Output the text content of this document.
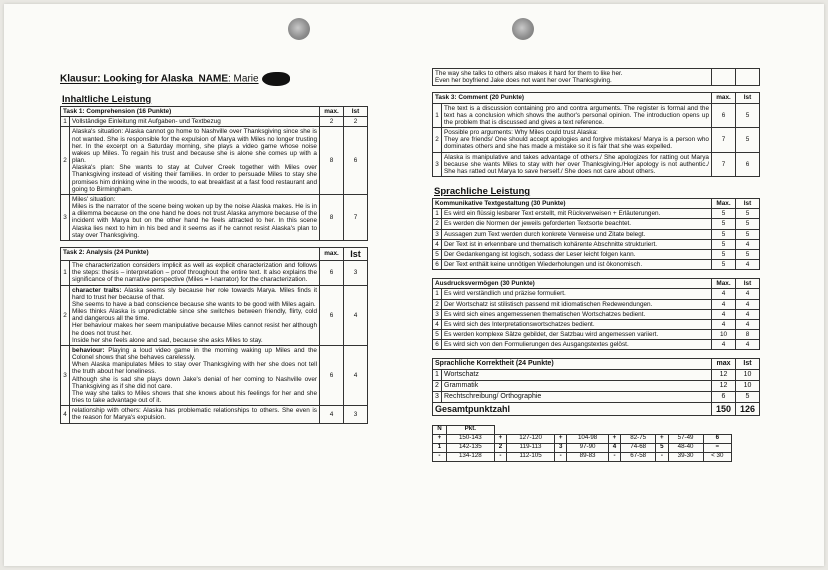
Klausur: Looking for Alaska NAME: Marie
Inhaltliche Leistung
Task 1: Comprehension (16 Punkte)		max.	Ist
1	Vollständige Einleitung mit Aufgaben- und Textbezug	2	2
2	Alaska's situation: Alaska cannot go home to Nashville over Thanksgiving since she is not wanted. She is responsible for the expulsion of Marya with Miles no longer trusting her. In the excerpt on a Saturday morning, she plays a video game whose noise wakes up Miles. To regain his trust and because she is alone she comes up with a plan.
Alaska's plan: She wants to stay at Culver Creek together with Miles over Thanksgiving instead of visiting their families. In order to persuade Miles to stay she promises him drinking wine in the woods, to eat breakfast at a fast food restaurant and going to Birmingham.	8	6
3	Miles' situation:
Miles is the narrator of the scene being woken up by the noise Alaska makes. He is in a dilemma because on the one hand he does not trust Alaska anymore because of the incident with Marya but on the other hand he feels attracted to her. In this scene Alaska lies next to him in his bed and it seems as if he cannot resist Alaska's plan to stay over Thanksgiving.	8	7
Task 2: Analysis (24 Punkte)		max.	Ist
1	The characterization considers implicit as well as explicit characterization and follows the steps: thesis – interpretation – proof throughout the entire text. It also explains the significance of the narrative perspective (Miles = I-narrator) for the characterization.	6	3
2	character traits: Alaska seems sly because her role towards Marya. Miles finds it hard to trust her because of that.
She seems to have a bad conscience because she wants to be good with Miles again.
Miles thinks Alaska is unpredictable since she switches between friendly, flirty, cold and dangerous all the time.
Her behaviour makes her seem manipulative because Miles cannot resist her although he does not trust her.
Inside her she feels alone and sad, because she asks Miles to stay.	6	4
3	behaviour: Playing a loud video game in the morning waking up Miles and the Colonel shows that she behaves carelessly.
When Alaska manipulates Miles to stay over Thanksgiving with her she does not tell the truth about her loneliness.
Although she is sad she plays down Jake's denial of her coming to Nashville over Thanksgiving as if she did not care.
The way she talks to Miles shows that she knows about his feelings for her and she tries to take advantage out of it.	6	4
4	relationship with others: Alaska has problematic relationships to others. She even is the reason for Marya's expulsion.	4	3
The way she talks to others also makes it hard for them to like her.
Even her boyfriend Jake does not want her over Thanksgiving.		
Task 3: Comment (20 Punkte)		max.	Ist
1	The text is a discussion containing pro and contra arguments. The register is formal and the text has a conclusion which shows the author's personal opinion. The introduction opens up the problem that is discussed and gives a text reference.	6	5
2	Possible pro arguments: Why Miles could trust Alaska:
They are friends/ One should accept apologies and forgive mistakes/ Marya is a person who dominates others and she has made a mistake so it is fair that she was expelled.	7	5
3	Alaska is manipulative and takes advantage of others./ She apologizes for ratting out Marya because she wants Miles to stay with her over Thanksgiving./Her apology is not authentic./ She has ratted out Marya to save herself./ She does not care about others.	7	6
Sprachliche Leistung
Kommunikative Textgestaltung (30 Punkte)		Max.	Ist
1	Es wird ein flüssig lesbarer Text erstellt, mit Rückverweisen + Erläuterungen.	5	5
2	Es werden die Normen der jeweils geforderten Textsorte beachtet.	5	5
3	Aussagen zum Text werden durch konkrete Verweise und Zitate belegt.	5	5
4	Der Text ist in erkennbare und thematisch kohärente Abschnitte strukturiert.	5	4
5	Der Gedankengang ist logisch, sodass der Leser leicht folgen kann.	5	5
6	Der Text enthält keine unnötigen Wiederholungen und ist ökonomisch.	5	4
Ausdrucksvermögen (30 Punkte)		Max.	Ist
1	Es wird verständlich und präzise formuliert.	4	4
2	Der Wortschatz ist stilistisch passend mit idiomatischen Redewendungen.	4	4
3	Es wird sich eines angemessenen thematischen Wortschatzes bedient.	4	4
4	Es wird sich des Interpretationswortschatzes bedient.	4	4
5	Es werden komplexe Sätze gebildet, der Satzbau wird angemessen variiert.	10	8
6	Es wird sich von den Formulierungen des Ausgangstextes gelöst.	4	4
Sprachliche Korrektheit (24 Punkte)		max	Ist
1	Wortschatz	12	10
2	Grammatik	12	10
3	Rechtschreibung/ Orthographie	6	5
Gesamtpunktzahl		150	126
N	Pkt.									
+	150-143	+	127-120	+	104-98	+	82-75	+	57-49	6
1	142-135	2	119-113	3	97-90	4	74-68	5	48-40	=
-	134-128	-	112-105	-	89-83	-	67-58	-	39-30	< 30
